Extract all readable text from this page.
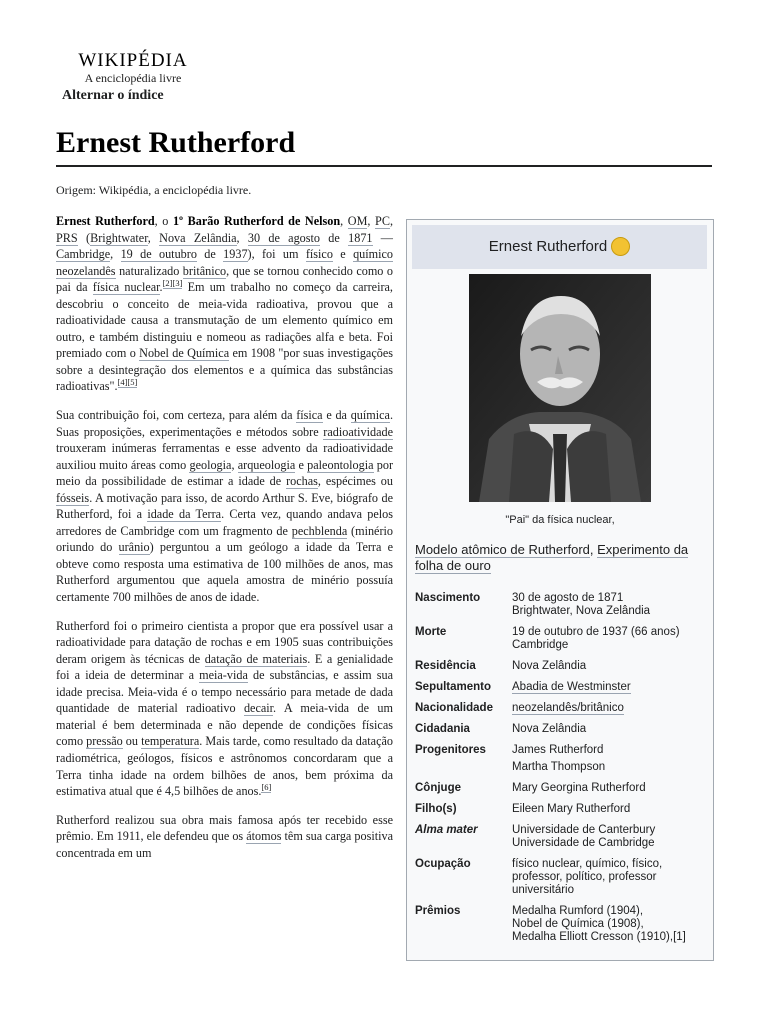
WIKIPÉDIA
A enciclopédia livre
Alternar o índice
Ernest Rutherford
Origem: Wikipédia, a enciclopédia livre.

Ernest Rutherford, o 1º Barão Rutherford de Nelson, OM, PC, PRS (Brightwater, Nova Zelândia, 30 de agosto de 1871 — Cambridge, 19 de outubro de 1937), foi um físico e químico neozelandês naturalizado britânico, que se tornou conhecido como o pai da física nuclear.[2][3] Em um trabalho no começo da carreira, descobriu o conceito de meia-vida radioativa, provou que a radioatividade causa a transmutação de um elemento químico em outro, e também distinguiu e nomeou as radiações alfa e beta. Foi premiado com o Nobel de Química em 1908 "por suas investigações sobre a desintegração dos elementos e a química das substâncias radioativas".[4][5]

Sua contribuição foi, com certeza, para além da física e da química. Suas proposições, experimentações e métodos sobre radioatividade trouxeram inúmeras ferramentas e esse advento da radioatividade auxiliou muito áreas como geologia, arqueologia e paleontologia por meio da possibilidade de estimar a idade de rochas, espécimes ou fósseis. A motivação para isso, de acordo Arthur S. Eve, biógrafo de Rutherford, foi a idade da Terra. Certa vez, quando andava pelos arredores de Cambridge com um fragmento de pechblenda (minério oriundo do urânio) perguntou a um geólogo a idade da Terra e obteve como resposta uma estimativa de 100 milhões de anos, mas Rutherford argumentou que aquela amostra de minério possuía certamente 700 milhões de anos de idade.

Rutherford foi o primeiro cientista a propor que era possível usar a radioatividade para datação de rochas e em 1905 suas contribuições deram origem às técnicas de datação de materiais. E a genialidade foi a ideia de determinar a meia-vida de substâncias, e assim sua idade precisa. Meia-vida é o tempo necessário para metade de dada quantidade de material radioativo decair. A meia-vida de um material é bem determinada e não depende de condições físicas como pressão ou temperatura. Mais tarde, como resultado da datação radiométrica, geólogos, físicos e astrônomos concordaram que a Terra tinha idade na ordem bilhões de anos, bem próxima da estimativa atual que é 4,5 bilhões de anos.[6]

Rutherford realizou sua obra mais famosa após ter recebido esse prêmio. Em 1911, ele defendeu que os átomos têm sua carga positiva concentrada em um

Ernest Rutherford
"Pai" da física nuclear,
Modelo atômico de Rutherford, Experimento da folha de ouro
Nascimento	30 de agosto de 1871
Brightwater, Nova Zelândia
Morte	19 de outubro de 1937 (66 anos)
Cambridge
Residência	Nova Zelândia
Sepultamento	Abadia de Westminster
Nacionalidade	neozelandês/britânico
Cidadania	Nova Zelândia
Progenitores	James Rutherford
Martha Thompson
Cônjuge	Mary Georgina Rutherford
Filho(s)	Eileen Mary Rutherford
Alma mater	Universidade de Canterbury
Universidade de Cambridge
Ocupação	físico nuclear, químico, físico,
professor, político, professor
universitário
Prêmios	Medalha Rumford (1904),
Nobel de Química (1908),
Medalha Elliott Cresson (1910),[1]
